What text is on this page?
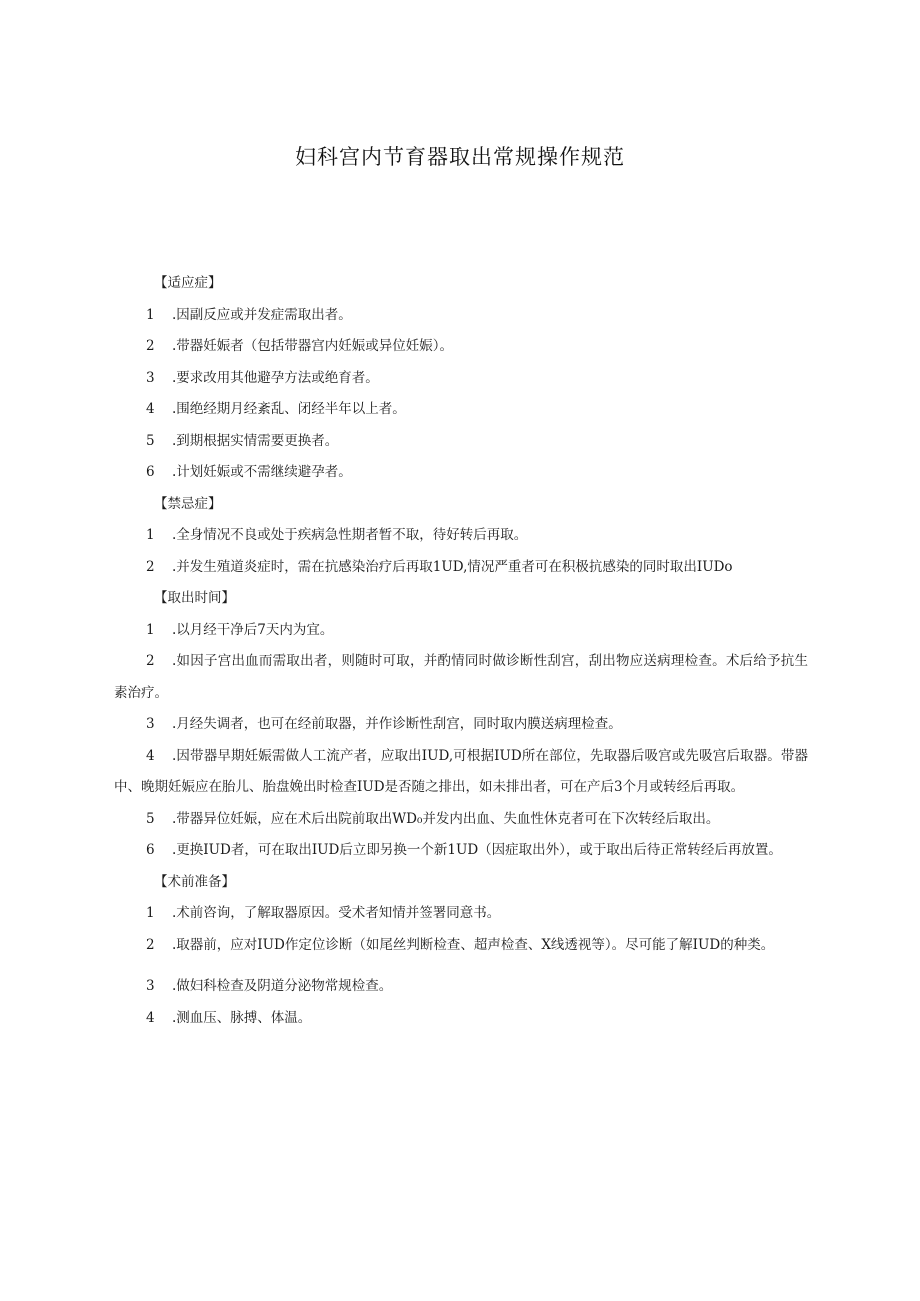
妇科宫内节育器取出常规操作规范

【适应症】

1 .因副反应或并发症需取出者。

2 .带器妊娠者（包括带器宫内妊娠或异位妊娠）。

3 .要求改用其他避孕方法或绝育者。

4 .围绝经期月经紊乱、闭经半年以上者。

5 .到期根据实情需要更换者。

6 .计划妊娠或不需继续避孕者。

【禁忌症】

1 .全身情况不良或处于疾病急性期者暂不取，待好转后再取。

2 .并发生殖道炎症时，需在抗感染治疗后再取1UD,情况严重者可在积极抗感染的同时取出IUDo

【取出时间】

1 .以月经干净后7天内为宜。

2 .如因子宫出血而需取出者，则随时可取，并酌情同时做诊断性刮宫，刮出物应送病理检查。术后给予抗生素治疗。

3 .月经失调者，也可在经前取器，并作诊断性刮宫，同时取内膜送病理检查。

4 .因带器早期妊娠需做人工流产者，应取出IUD,可根据IUD所在部位，先取器后吸宫或先吸宫后取器。带器中、晚期妊娠应在胎儿、胎盘娩出时检查IUD是否随之排出，如未排出者，可在产后3个月或转经后再取。

5 .带器异位妊娠，应在术后出院前取出WD₀并发内出血、失血性休克者可在下次转经后取出。

6 .更换IUD者，可在取出IUD后立即另换一个新1UD（因症取出外），或于取出后待正常转经后再放置。

【术前准备】

1 .术前咨询，了解取器原因。受术者知情并签署同意书。

2 .取器前，应对IUD作定位诊断（如尾丝判断检查、超声检查、X线透视等）。尽可能了解IUD的种类。

3 .做妇科检查及阴道分泌物常规检查。

4 .测血压、脉搏、体温。
